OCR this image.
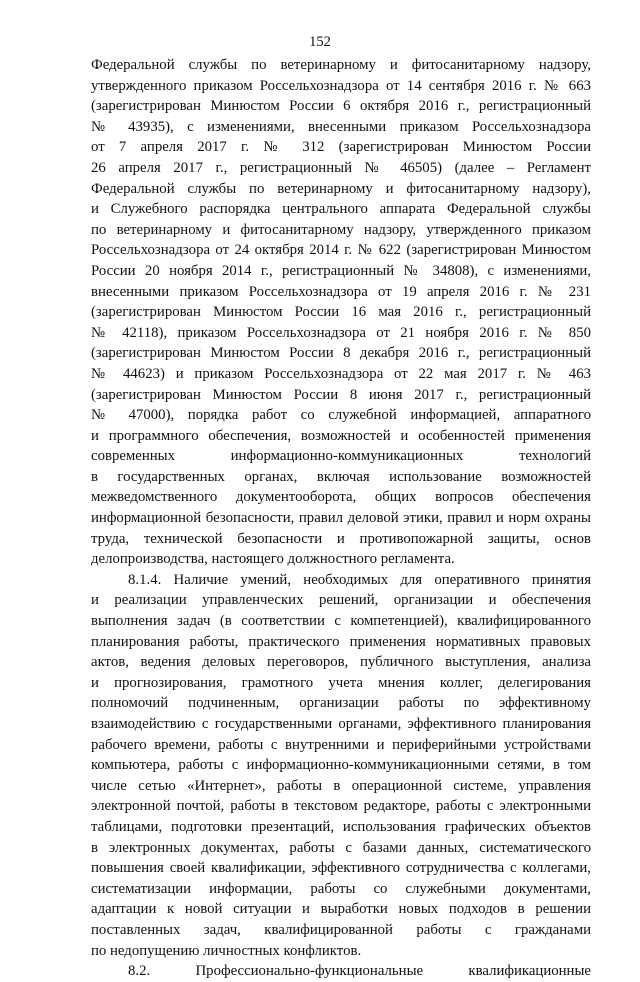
152
Федеральной службы по ветеринарному и фитосанитарному надзору,
утвержденного приказом Россельхознадзора от 14 сентября 2016 г. № 663
(зарегистрирован Минюстом России 6 октября 2016 г., регистрационный
№ 43935), с изменениями, внесенными приказом Россельхознадзора
от 7 апреля 2017 г. № 312 (зарегистрирован Минюстом России
26 апреля 2017 г., регистрационный № 46505) (далее – Регламент
Федеральной службы по ветеринарному и фитосанитарному надзору),
и Служебного распорядка центрального аппарата Федеральной службы
по ветеринарному и фитосанитарному надзору, утвержденного приказом
Россельхознадзора от 24 октября 2014 г. № 622 (зарегистрирован Минюстом
России 20 ноября 2014 г., регистрационный № 34808), с изменениями,
внесенными приказом Россельхознадзора от 19 апреля 2016 г. № 231
(зарегистрирован Минюстом России 16 мая 2016 г., регистрационный
№ 42118), приказом Россельхознадзора от 21 ноября 2016 г. № 850
(зарегистрирован Минюстом России 8 декабря 2016 г., регистрационный
№ 44623) и приказом Россельхознадзора от 22 мая 2017 г. № 463
(зарегистрирован Минюстом России 8 июня 2017 г., регистрационный
№ 47000), порядка работ со служебной информацией, аппаратного
и программного обеспечения, возможностей и особенностей применения
современных информационно-коммуникационных технологий
в государственных органах, включая использование возможностей
межведомственного документооборота, общих вопросов обеспечения
информационной безопасности, правил деловой этики, правил и норм охраны
труда, технической безопасности и противопожарной защиты, основ
делопроизводства, настоящего должностного регламента.
8.1.4. Наличие умений, необходимых для оперативного принятия
и реализации управленческих решений, организации и обеспечения
выполнения задач (в соответствии с компетенцией), квалифицированного
планирования работы, практического применения нормативных правовых
актов, ведения деловых переговоров, публичного выступления, анализа
и прогнозирования, грамотного учета мнения коллег, делегирования
полномочий подчиненным, организации работы по эффективному
взаимодействию с государственными органами, эффективного планирования
рабочего времени, работы с внутренними и периферийными устройствами
компьютера, работы с информационно-коммуникационными сетями, в том
числе сетью «Интернет», работы в операционной системе, управления
электронной почтой, работы в текстовом редакторе, работы с электронными
таблицами, подготовки презентаций, использования графических объектов
в электронных документах, работы с базами данных, систематического
повышения своей квалификации, эффективного сотрудничества с коллегами,
систематизации информации, работы со служебными документами,
адаптации к новой ситуации и выработки новых подходов в решении
поставленных задач, квалифицированной работы с гражданами
по недопущению личностных конфликтов.
8.2. Профессионально-функциональные квалификационные
